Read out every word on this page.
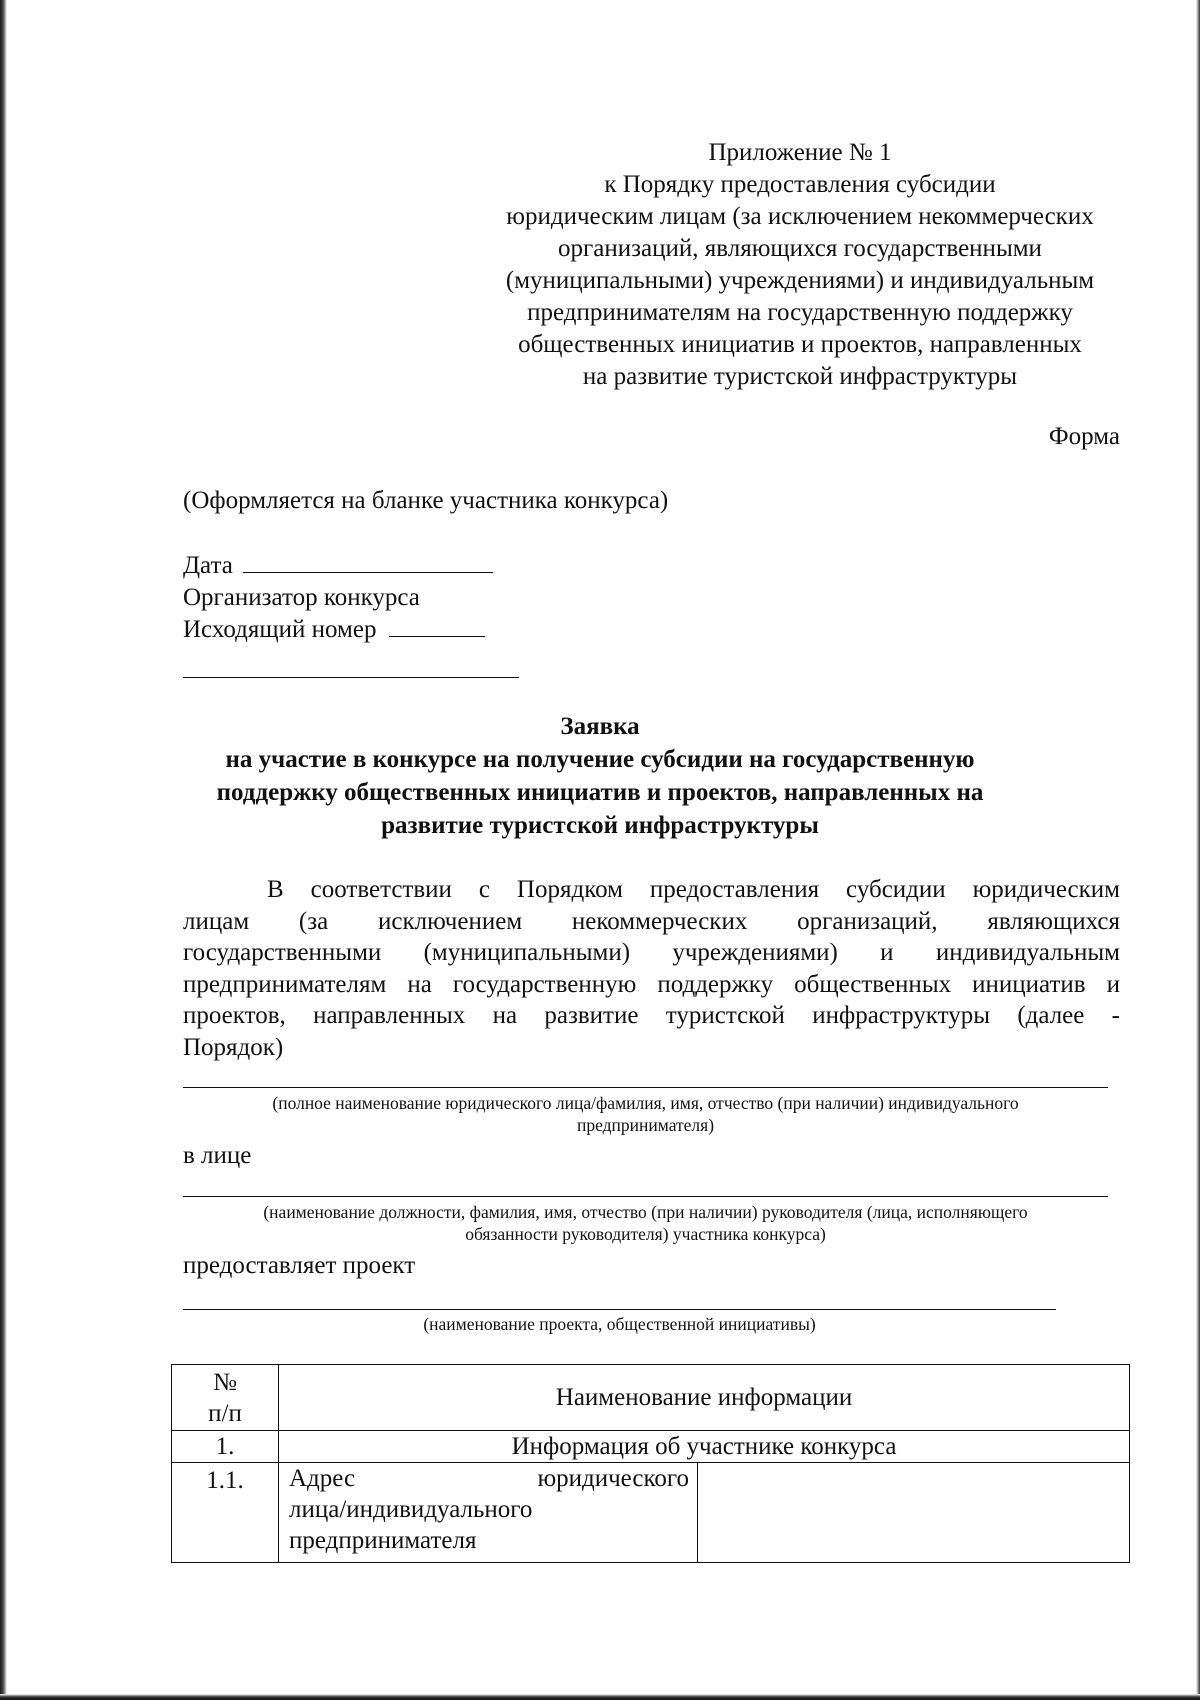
Приложение № 1
к Порядку предоставления субсидии
юридическим лицам (за исключением некоммерческих
организаций, являющихся государственными
(муниципальными) учреждениями) и индивидуальным
предпринимателям на государственную поддержку
общественных инициатив и проектов, направленных
на развитие туристской инфраструктуры
Форма
(Оформляется на бланке участника конкурса)
Дата
Организатор конкурса
Исходящий номер
Заявка
на участие в конкурсе на получение субсидии на государственную
поддержку общественных инициатив и проектов, направленных на
развитие туристской инфраструктуры
В соответствии с Порядком предоставления субсидии юридическим
лицам (за исключением некоммерческих организаций, являющихся
государственными (муниципальными) учреждениями) и индивидуальным
предпринимателям на государственную поддержку общественных инициатив и
проектов, направленных на развитие туристской инфраструктуры (далее -
Порядок)
(полное наименование юридического лица/фамилия, имя, отчество (при наличии) индивидуального
предпринимателя)
в лице
(наименование должности, фамилия, имя, отчество (при наличии) руководителя (лица, исполняющего
обязанности руководителя) участника конкурса)
предоставляет проект
(наименование проекта, общественной инициативы)
№
п/п	Наименование информации	
1.	Информация об участнике конкурса	
1.1.	Адрес юридического
лица/индивидуального
предпринимателя	
